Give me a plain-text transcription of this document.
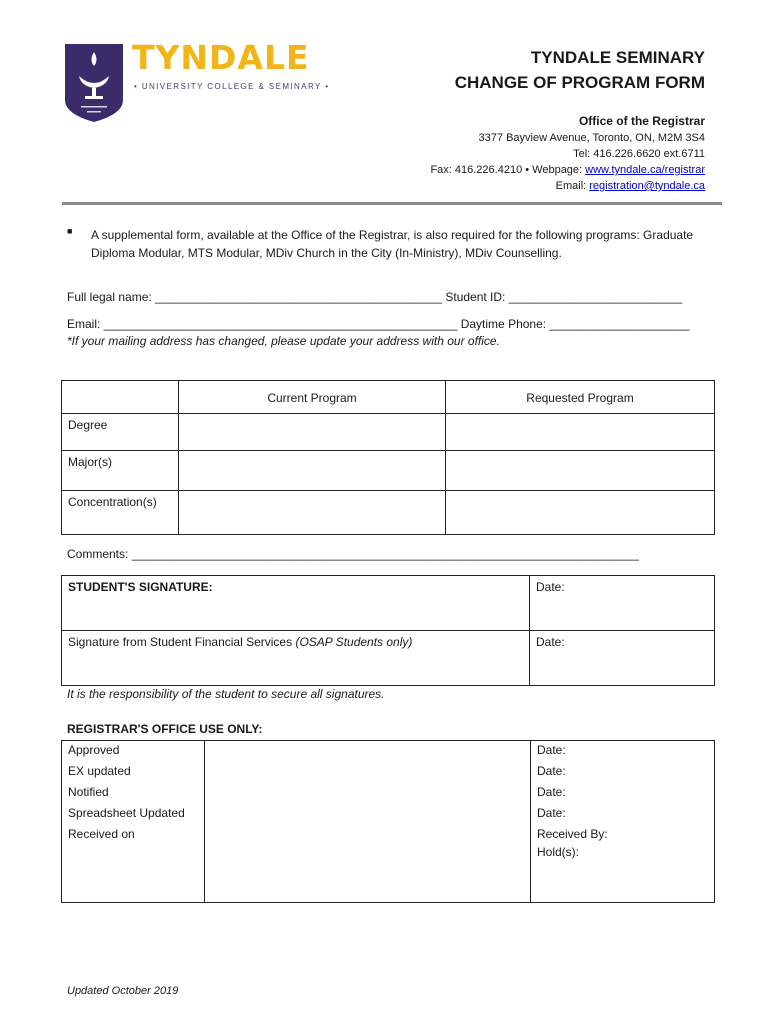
TYNDALE
• UNIVERSITY COLLEGE & SEMINARY •
TYNDALE SEMINARY
CHANGE OF PROGRAM FORM
Office of the Registrar
3377 Bayview Avenue, Toronto, ON, M2M 3S4
Tel: 416.226.6620 ext.6711
Fax: 416.226.4210 • Webpage: www.tyndale.ca/registrar
Email: registration@tyndale.ca
■ A supplemental form, available at the Office of the Registrar, is also required for the following programs: Graduate Diploma Modular, MTS Modular, MDiv Church in the City (In-Ministry), MDiv Counselling.
Full legal name: ___________________________________________ Student ID: __________________________
Email: _____________________________________________________ Daytime Phone: _____________________
*If your mailing address has changed, please update your address with our office.
	Current Program	Requested Program
Degree		
Major(s)		
Concentration(s)		
Comments: ____________________________________________________________________________
STUDENT'S SIGNATURE:	Date:
Signature from Student Financial Services (OSAP Students only)	Date:
It is the responsibility of the student to secure all signatures.
REGISTRAR'S OFFICE USE ONLY:
Approved		Date:
EX updated		Date:
Notified		Date:
Spreadsheet Updated		Date:
Received on		Received By:
Hold(s):
Updated October 2019
